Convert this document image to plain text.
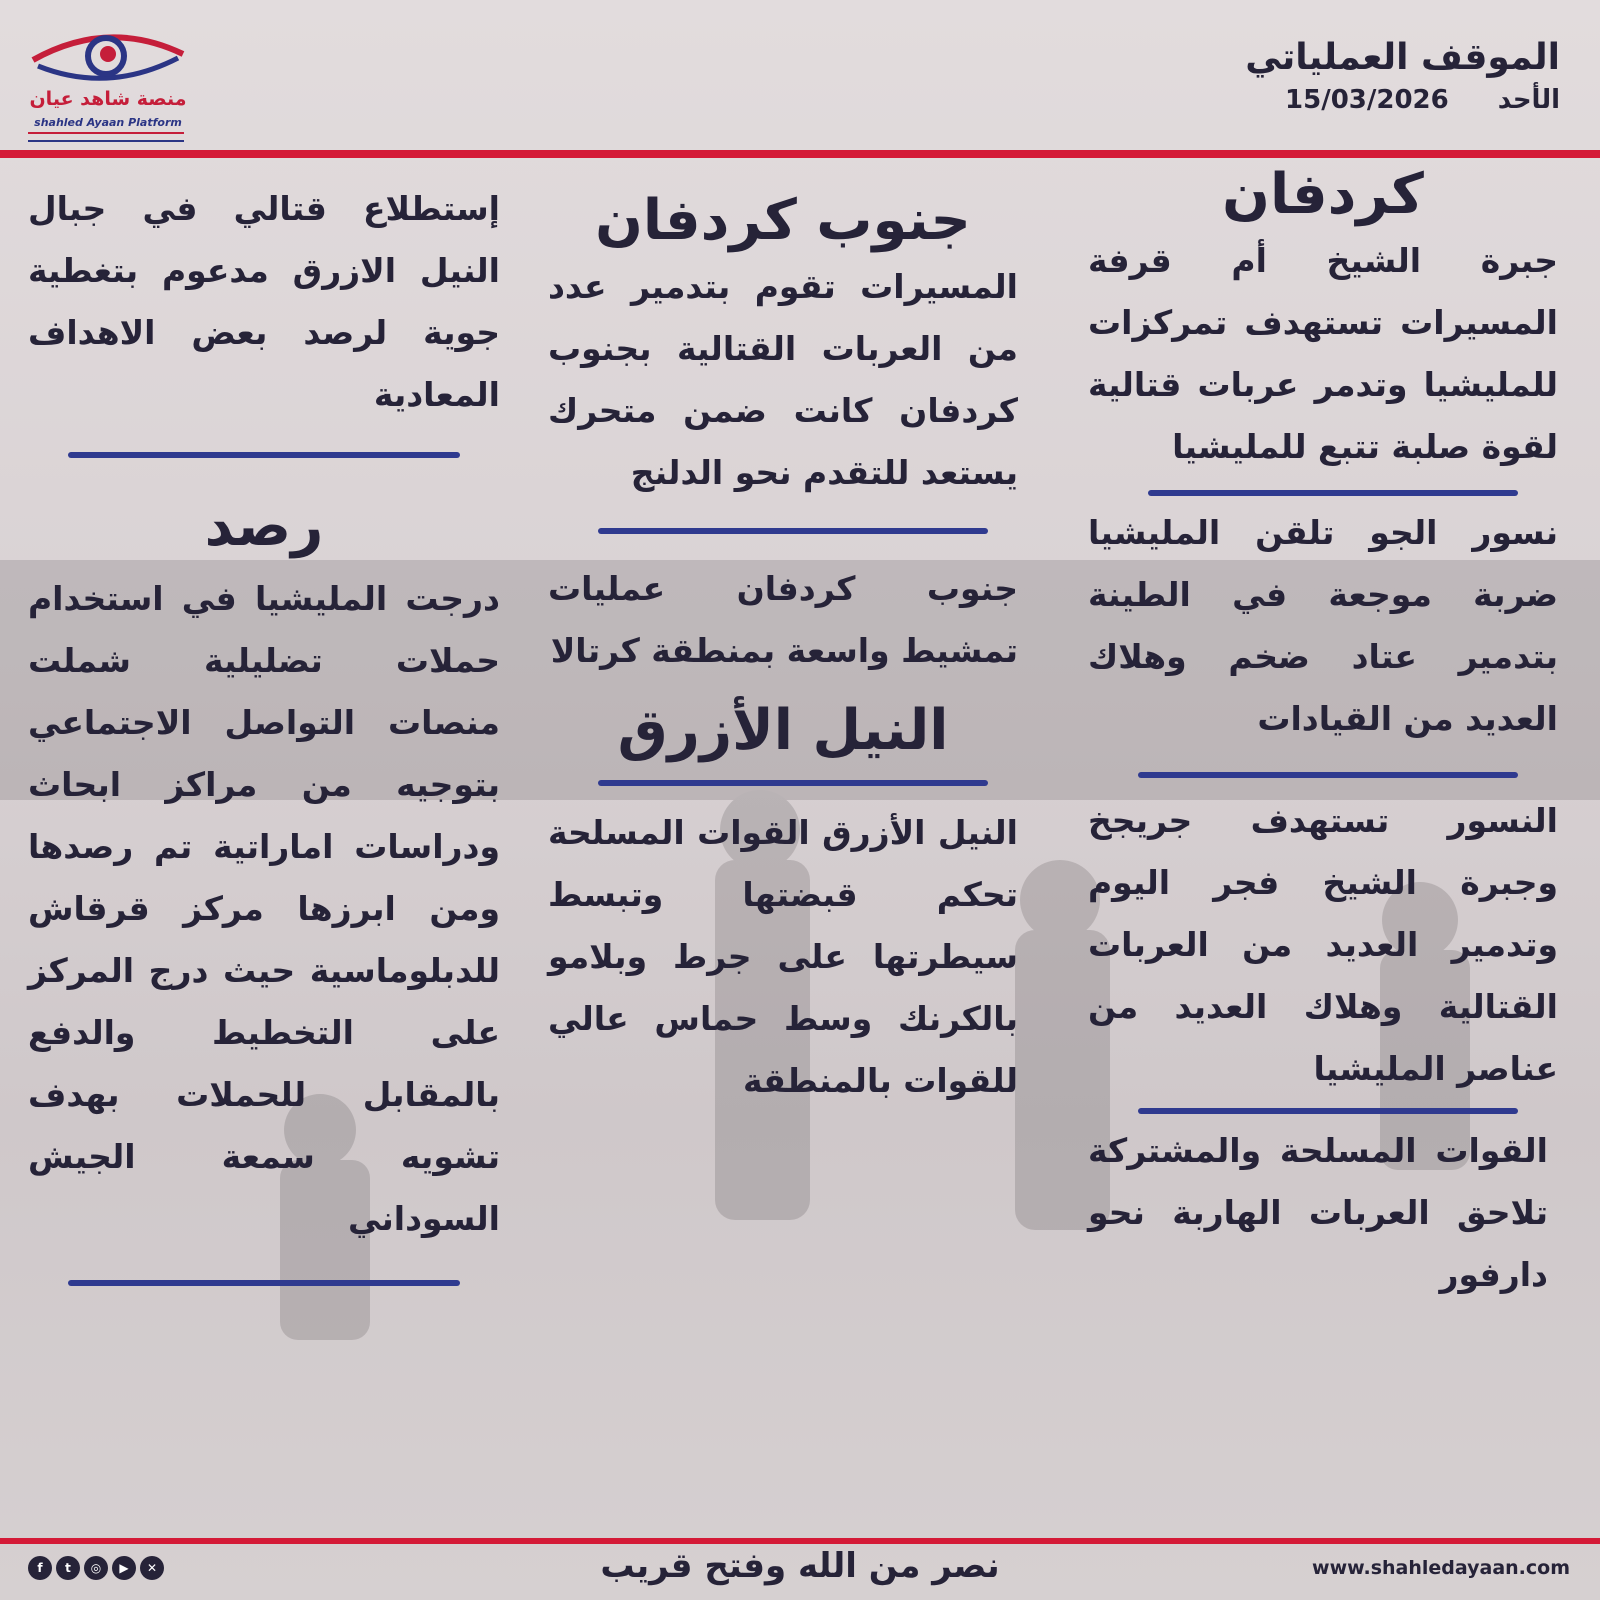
منصة شاهد عيان
shahled Ayaan Platform
الموقف العملياتي
الأحد 15/03/2026
كردفان

جبرة الشيخ أم قرفة المسيرات تستهدف تمركزات للمليشيا وتدمر عربات قتالية لقوة صلبة تتبع للمليشيا

نسور الجو تلقن المليشيا ضربة موجعة في الطينة بتدمير عتاد ضخم وهلاك العديد من القيادات

النسور تستهدف جريجخ وجبرة الشيخ فجر اليوم وتدمير العديد من العربات القتالية وهلاك العديد من عناصر المليشيا

القوات المسلحة والمشتركة تلاحق العربات الهاربة نحو دارفور

جنوب كردفان

المسيرات تقوم بتدمير عدد من العربات القتالية بجنوب كردفان كانت ضمن متحرك يستعد للتقدم نحو الدلنج

جنوب كردفان عمليات تمشيط واسعة بمنطقة كرتالا

النيل الأزرق

النيل الأزرق القوات المسلحة تحكم قبضتها وتبسط سيطرتها على جرط وبلامو بالكرنك وسط حماس عالي للقوات بالمنطقة

إستطلاع قتالي في جبال النيل الازرق مدعوم بتغطية جوية لرصد بعض الاهداف المعادية

رصد

درجت المليشيا في استخدام حملات تضليلية شملت منصات التواصل الاجتماعي بتوجيه من مراكز ابحاث ودراسات اماراتية تم رصدها ومن ابرزها مركز قرقاش للدبلوماسية حيث درج المركز على التخطيط والدفع بالمقابل للحملات بهدف تشويه سمعة الجيش السوداني

f	t	◎	▶	✕	نصر من الله وفتح قريب	www.shahledayaan.com
